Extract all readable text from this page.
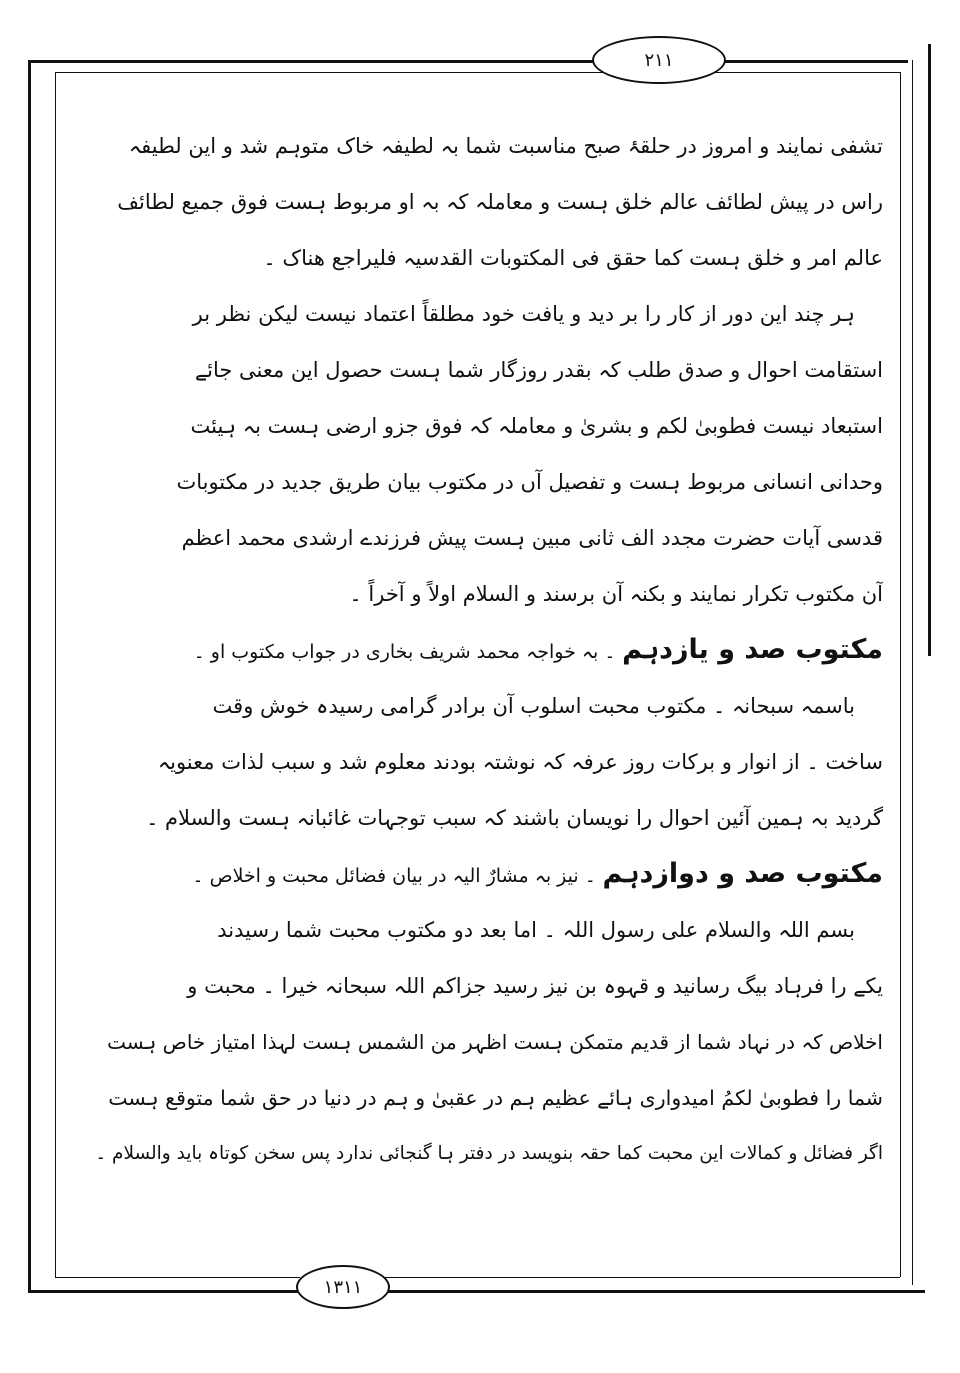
۲۱۱
۱۳۱۱
تشفی نمایند و امروز در حلقۂ صبح مناسبت شما بہ لطیفہ خاک متوہم شد و این لطیفہ
راس در پیش لطائف عالم خلق ہست و معاملہ کہ بہ او مربوط ہست فوق جمیع لطائف
عالم امر و خلق ہست کما حقق فی المکتوبات القدسیہ فلیراجع ھناک ۔
ہر چند این دور از کار را بر دید و یافت خود مطلقاً اعتماد نیست لیکن نظر بر
استقامت احوال و صدق طلب کہ بقدر روزگار شما ہست حصول این معنی جائے
استبعاد نیست فطوبیٰ لکم و بشریٰ و معاملہ کہ فوق جزو ارضی ہست بہ ہیئت
وحدانی انسانی مربوط ہست و تفصیل آں در مکتوب بیان طریق جدید در مکتوبات
قدسی آیات حضرت مجدد الف ثانی مبین ہست پیش فرزندے ارشدی محمد اعظم
آن مکتوب تکرار نمایند و بکنہ آن برسند و السلام اولاً و آخراً ۔
مکتوب صد و یازدہم ۔ بہ خواجہ محمد شریف بخاری در جواب مکتوب او ۔
باسمہ سبحانہ ۔ مکتوب محبت اسلوب آن برادر گرامی رسیدہ خوش وقت
ساخت ۔ از انوار و برکات روز عرفہ کہ نوشتہ بودند معلوم شد و سبب لذات معنویہ
گردید بہ ہمین آئین احوال را نویسان باشند کہ سبب توجہات غائبانہ ہست والسلام ۔
مکتوب صد و دوازدہم ۔ نیز بہ مشارٌ الیہ در بیان فضائل محبت و اخلاص ۔
بسم اللہ والسلام علی رسول اللہ ۔ اما بعد دو مکتوب محبت شما رسیدند
یکے را فرہاد بیگ رسانید و قہوہ بن نیز رسید جزاکم اللہ سبحانہ خیرا ۔ محبت و
اخلاص کہ در نہاد شما از قدیم متمکن ہست اظہر من الشمس ہست لہذا امتیاز خاص ہست
شما را فطوبیٰ لکمُ امیدواری ہائے عظیم ہم در عقبیٰ و ہم در دنیا در حق شما متوقع ہست
اگر فضائل و کمالات این محبت کما حقہ بنویسد در دفتر ہا گنجائی ندارد پس سخن کوتاہ باید والسلام ۔
